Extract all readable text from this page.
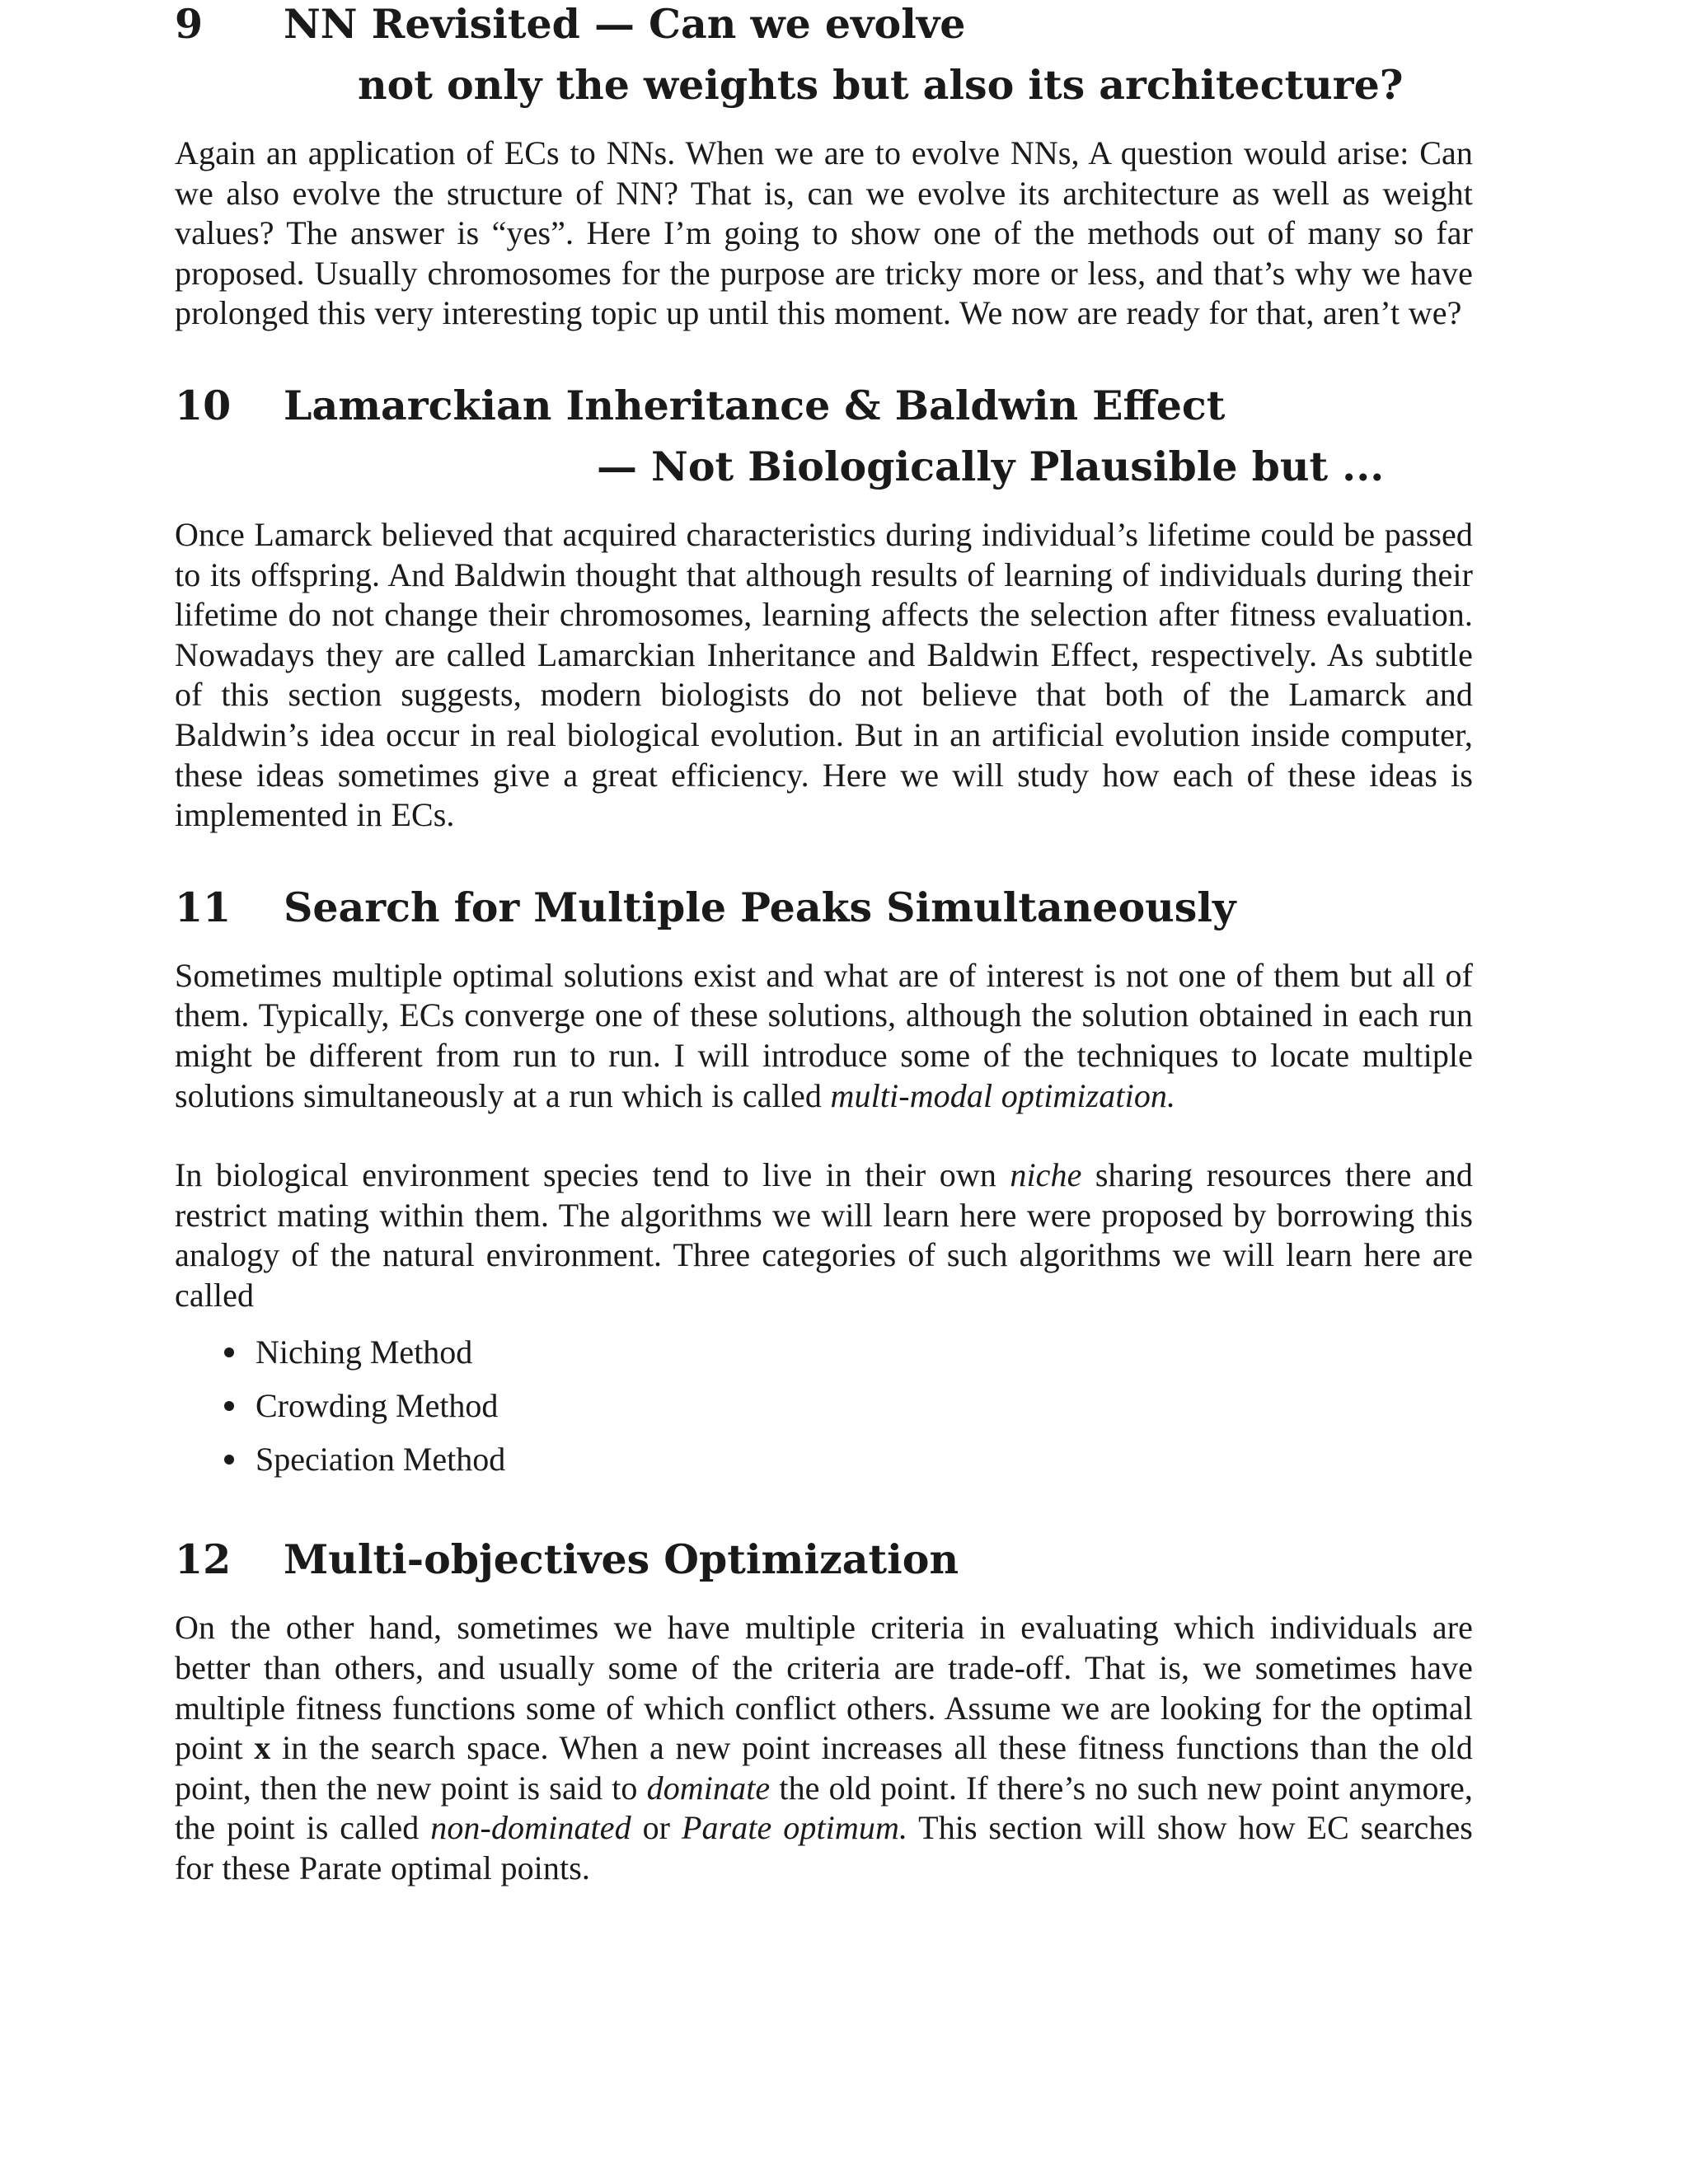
9 NN Revisited — Can we evolve
not only the weights but also its architecture?

Again an application of ECs to NNs. When we are to evolve NNs, A question would arise: Can we also evolve the structure of NN? That is, can we evolve its architecture as well as weight values? The answer is “yes”. Here I’m going to show one of the methods out of many so far proposed. Usually chromosomes for the purpose are tricky more or less, and that’s why we have prolonged this very interesting topic up until this moment. We now are ready for that, aren’t we?

10 Lamarckian Inheritance & Baldwin Effect
— Not Biologically Plausible but ...

Once Lamarck believed that acquired characteristics during individual’s lifetime could be passed to its offspring. And Baldwin thought that although results of learning of individuals during their lifetime do not change their chromosomes, learning affects the selection after fitness evaluation. Nowadays they are called Lamarckian Inheritance and Baldwin Effect, respectively. As subtitle of this section suggests, modern biologists do not believe that both of the Lamarck and Baldwin’s idea occur in real biological evolution. But in an artificial evolution inside computer, these ideas sometimes give a great efficiency. Here we will study how each of these ideas is implemented in ECs.

11 Search for Multiple Peaks Simultaneously

Sometimes multiple optimal solutions exist and what are of interest is not one of them but all of them. Typically, ECs converge one of these solutions, although the solution obtained in each run might be different from run to run. I will introduce some of the techniques to locate multiple solutions simultaneously at a run which is called multi-modal optimization.

In biological environment species tend to live in their own niche sharing resources there and restrict mating within them. The algorithms we will learn here were proposed by borrowing this analogy of the natural environment. Three categories of such algorithms we will learn here are called

Niching Method
Crowding Method
Speciation Method
12 Multi-objectives Optimization

On the other hand, sometimes we have multiple criteria in evaluating which individuals are better than others, and usually some of the criteria are trade-off. That is, we sometimes have multiple fitness functions some of which conflict others. Assume we are looking for the optimal point x in the search space. When a new point increases all these fitness functions than the old point, then the new point is said to dominate the old point. If there’s no such new point anymore, the point is called non-dominated or Parate optimum. This section will show how EC searches for these Parate optimal points.
